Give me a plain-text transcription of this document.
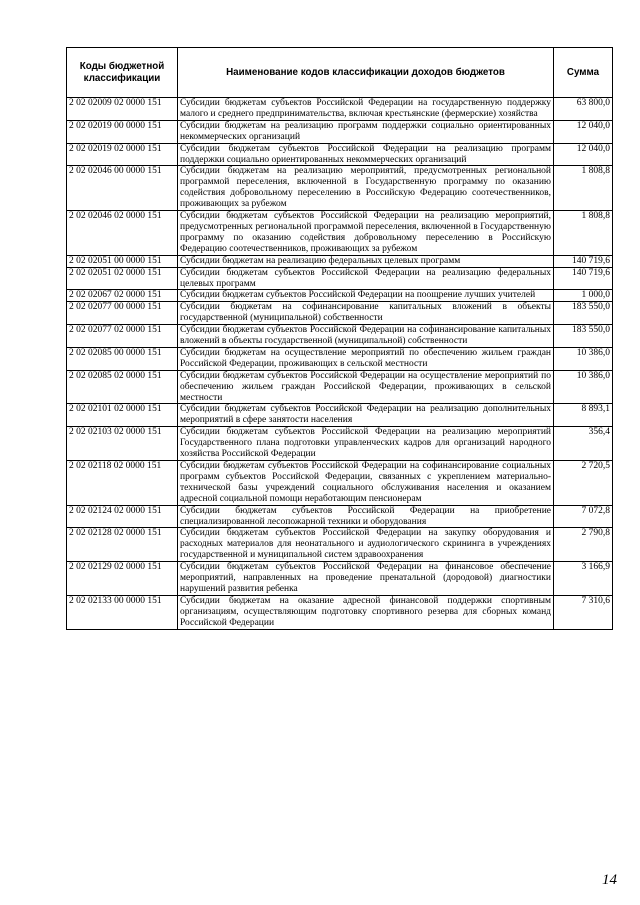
Коды бюджетной классификации	Наименование кодов классификации доходов бюджетов	Сумма
2 02 02009 02 0000 151	Субсидии бюджетам субъектов Российской Федерации на государственную поддержку малого и среднего предпринимательства, включая крестьянские (фермерские) хозяйства	63 800,0
2 02 02019 00 0000 151	Субсидии бюджетам на реализацию программ поддержки социально ориентированных некоммерческих организаций	12 040,0
2 02 02019 02 0000 151	Субсидии бюджетам субъектов Российской Федерации на реализацию программ поддержки социально ориентированных некоммерческих организаций	12 040,0
2 02 02046 00 0000 151	Субсидии бюджетам на реализацию мероприятий, предусмотренных региональной программой переселения, включенной в Государственную программу по оказанию содействия добровольному переселению в Российскую Федерацию соотечественников, проживающих за рубежом	1 808,8
2 02 02046 02 0000 151	Субсидии бюджетам субъектов Российской Федерации на реализацию мероприятий, предусмотренных региональной программой переселения, включенной в Государственную программу по оказанию содействия добровольному переселению в Российскую Федерацию соотечественников, проживающих за рубежом	1 808,8
2 02 02051 00 0000 151	Субсидии бюджетам на реализацию федеральных целевых программ	140 719,6
2 02 02051 02 0000 151	Субсидии бюджетам субъектов Российской Федерации на реализацию федеральных целевых программ	140 719,6
2 02 02067 02 0000 151	Субсидии бюджетам субъектов Российской Федерации на поощрение лучших учителей	1 000,0
2 02 02077 00 0000 151	Субсидии бюджетам на софинансирование капитальных вложений в объекты государственной (муниципальной) собственности	183 550,0
2 02 02077 02 0000 151	Субсидии бюджетам субъектов Российской Федерации на софинансирование капитальных вложений в объекты государственной (муниципальной) собственности	183 550,0
2 02 02085 00 0000 151	Субсидии бюджетам на осуществление мероприятий по обеспечению жильем граждан Российской Федерации, проживающих в сельской местности	10 386,0
2 02 02085 02 0000 151	Субсидии бюджетам субъектов Российской Федерации на осуществление мероприятий по обеспечению жильем граждан Российской Федерации, проживающих в сельской местности	10 386,0
2 02 02101 02 0000 151	Субсидии бюджетам субъектов Российской Федерации на реализацию дополнительных мероприятий в сфере занятости населения	8 893,1
2 02 02103 02 0000 151	Субсидии бюджетам субъектов Российской Федерации на реализацию мероприятий Государственного плана подготовки управленческих кадров для организаций народного хозяйства Российской Федерации	356,4
2 02 02118 02 0000 151	Субсидии бюджетам субъектов Российской Федерации на софинансирование социальных программ субъектов Российской Федерации, связанных с укреплением материально-технической базы учреждений социального обслуживания населения и оказанием адресной социальной помощи неработающим пенсионерам	2 720,5
2 02 02124 02 0000 151	Субсидии бюджетам субъектов Российской Федерации на приобретение специализированной лесопожарной техники и оборудования	7 072,8
2 02 02128 02 0000 151	Субсидии бюджетам субъектов Российской Федерации на закупку оборудования и расходных материалов для неонатального и аудиологического скрининга в учреждениях государственной и муниципальной систем здравоохранения	2 790,8
2 02 02129 02 0000 151	Субсидии бюджетам субъектов Российской Федерации на финансовое обеспечение мероприятий, направленных на проведение пренатальной (дородовой) диагностики нарушений развития ребенка	3 166,9
2 02 02133 00 0000 151	Субсидии бюджетам на оказание адресной финансовой поддержки спортивным организациям, осуществляющим подготовку спортивного резерва для сборных команд Российской Федерации	7 310,6
14
